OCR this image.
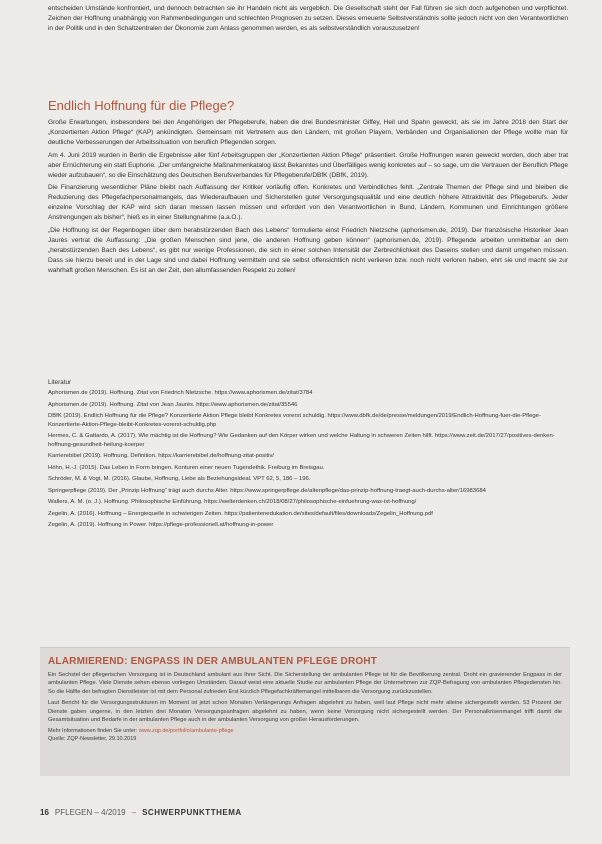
entscheiden Umstände konfrontiert, und dennoch betrachten sie ihr Handeln nicht als vergeblich. Die Gesellschaft steht der Fall führen sie sich doch aufgehoben und verpflichtet. Zeichen der Hoffnung unabhängig von Rahmenbedingungen und schlechten Prognosen zu setzen. Dieses erneuerte Selbstverständnis sollte jedoch nicht von den Verantwortlichen in der Politik und in den Schaltzentralen der Ökonomie zum Anlass genommen werden, es als selbstverständlich vorauszusetzen!

Endlich Hoffnung für die Pflege?

Große Erwartungen, insbesondere bei den Angehörigen der Pflegeberufe, haben die drei Bundesminister Giffey, Heil und Spahn geweckt, als sie im Jahre 2018 den Start der „Konzertierten Aktion Pflege“ (KAP) ankündigten. Gemeinsam mit Vertretern aus den Ländern, mit großen Playern, Verbänden und Organisationen der Pflege wollte man für deutliche Verbesserungen der Arbeitssituation von beruflich Pflegenden sorgen.

Am 4. Juni 2019 wurden in Berlin die Ergebnisse aller fünf Arbeitsgruppen der „Konzertierten Aktion Pflege“ präsentiert. Große Hoffnungen waren geweckt worden, doch aber trat aber Ernüchterung ein statt Euphorie. „Der umfangreiche Maßnahmenkatalog lässt Bekanntes und Überfälliges wenig konkretes auf – so sage, um die Vertrauen der Beruflich Pflege wieder aufzubauen“, so die Einschätzung des Deutschen Berufsverbandes für Pflegeberufe/DBfK (DBfK, 2019).

Die Finanzierung wesentlicher Pläne bleibt nach Auffassung der Kritiker vorläufig offen. Konkretes und Verbindliches fehlt. „Zentrale Themen der Pflege sind und bleiben die Reduzierung des Pflegefachpersonalmangels, das Wiederaufbauen und Sicherstellen guter Versorgungsqualität und eine deutlich höhere Attraktivität des Pflegeberufs. Jeder einzelne Vorschlag der KAP wird sich daran messen lassen müssen und erfordert von den Verantwortlichen in Bund, Ländern, Kommunen und Einrichtungen größere Anstrengungen als bisher“, hieß es in einer Stellungnahme (a.a.O.).

„Die Hoffnung ist der Regenbogen über dem herabstürzenden Bach des Lebens“ formulierte einst Friedrich Nietzsche (aphorismen.de, 2019). Der französische Historiker Jean Jaurès vertrat die Auffassung: „Die großen Menschen sind jene, die anderen Hoffnung geben können“ (aphorismen.de, 2019). Pflegende arbeiten unmittelbar an dem „herabstürzenden Bach des Lebens“, es gibt nur wenige Professionen, die sich in einer solchen Intensität der Zerbrechlichkeit des Daseins stellen und damit umgehen müssen. Dass sie hierzu bereit und in der Lage sind und dabei Hoffnung vermitteln und sie selbst offensichtlich nicht verlieren bzw. noch nicht verloren haben, ehrt sie und macht sie zur wahrhaft großen Menschen. Es ist an der Zeit, den allumfassenden Respekt zu zollen!

Literatur

Aphorismen.de (2019). Hoffnung. Zitat von Friedrich Nietzsche. https://www.aphorismen.de/zitat/3784

Aphorismen.de (2019). Hoffnung. Zitat von Jean Jaurès. https://www.aphorismen.de/zitat/35546

DBfK (2019). Endlich Hoffnung für die Pflege? Konzertierte Aktion Pflege bleibt Konkretes vorerst schuldig. https://www.dbfk.de/de/presse/meldungen/2019/Endlich-Hoffnung-fuer-die-Pflege-Konzertierte-Aktion-Pflege-bleibt-Konkretes-vorerst-schuldig.php

Hermes, C. & Gattardo, A. (2017). Wie mächtig ist die Hoffnung? Wie Gedanken auf den Körper wirken und welche Haltung in schweren Zeiten hilft. https://www.zeit.de/2017/27/positives-denken-hoffnung-gesundheit-heilung-koerper

Karrierebibel (2019). Hoffnung. Definition. https://karrierebibel.de/hoffnung-zitat-positiv/

Höhn, H.-J. (2015). Das Leben in Form bringen. Konturen einer neuen Tugendethik. Freiburg im Breisgau.

Schröder, M. & Vogt, M. (2016). Glaube, Hoffnung, Liebe als Beziehungsideal. VPT 62, 5, 186 – 196.

Springerpflege (2019). Der „Prinzip Hoffnung“ trägt auch durchs Alter. https://www.springerpflege.de/altenpflege/das-prinzip-hoffnung-traegt-auch-durchs-alter/16983684

Wallers, A. M. (o. J.). Hoffnung. Philosophische Einführung. https://welterdenken.ch/2018/08/27/philosophische-einfuehrung-was-ist-hoffnung/

Zegelin, A. (2016). Hoffnung – Energiequelle in schwierigen Zeiten. https://patientenedukation.de/sites/default/files/downloads/Zegelin_Hoffnung.pdf

Zegelin, A. (2019). Hoffnung in Power. https://pflege-professionell.at/hoffnung-in-power

ALARMIEREND: ENGPASS IN DER AMBULANTEN PFLEGE DROHT

Ein Sechstel der pflegerischen Versorgung ist in Deutschland ambulant aus Ihrer Sicht. Die Sicherstellung der ambulanten Pflege ist für die Bevölkerung zentral. Droht ein gravierender Engpass in der ambulanten Pflege. Viele Dienste sehen ebenso vorliegen Umständen. Darauf weist eine aktuelle Studie zur ambulanten Pflege der Unternehmen zur ZQP-Befragung von ambulanten Pflegediensten hin. So die Hälfte der befragten Dienstleister ist mit dem Personal zufrieden Erst kürzlich Pflegefachkräftemangel mittelbaren die Versorgung zurückzustellen.

Laut Bericht für die Versorgungsstrukturen im Moment ist jetzt schon Monaten Verlängerungs Anfragen abgelehnt zu haben, weil laut Pflege nicht mehr alleine sichergestellt werden. 53 Prozent der Dienste gaben ungerne, in den letzten drei Monaten Versorgungsanfragen abgelehnt zu haben, wenn keine Versorgung nicht sichergestellt werden. Der Personalkrisenmangel trifft damit die Gesamtsituation und Bedarfe in der ambulanten Pflege auch in der ambulanten Versorgung von großer Herausforderungen.

Mehr Informationen finden Sie unter: www.zqp.de/portfolio/ambulante-pflege

Quelle: ZQP-Newsletter, 29.10.2019

16 PFLEGEN – 4/2019 – SCHWERPUNKTTHEMA
